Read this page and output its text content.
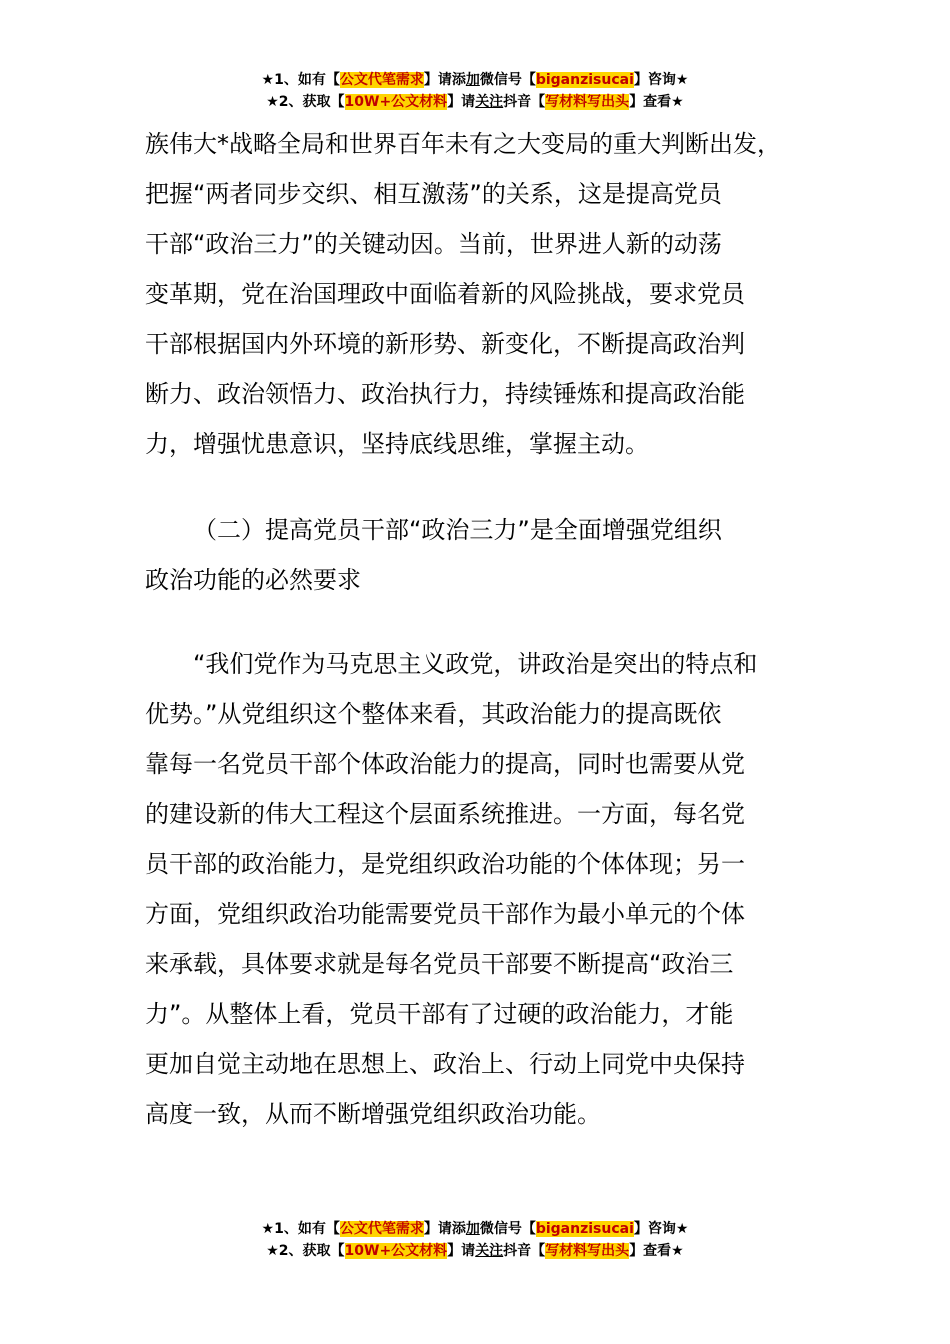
★1、如有【公文代笔需求】请添加微信号【biganzisucai】咨询★
★2、获取【10W+公文材料】请关注抖音【写材料写出头】查看★

族伟大*战略全局和世界百年未有之大变局的重大判断出发，

把握“两者同步交织、相互激荡”的关系，这是提高党员

干部“政治三力”的关键动因。当前，世界进人新的动荡

变革期，党在治国理政中面临着新的风险挑战，要求党员

干部根据国内外环境的新形势、新变化，不断提高政治判

断力、政治领悟力、政治执行力，持续锤炼和提高政治能

力，增强忧患意识，坚持底线思维，掌握主动。

（二）提高党员干部“政治三力”是全面增强党组织

政治功能的必然要求

“我们党作为马克思主义政党，讲政治是突出的特点和

优势。”从党组织这个整体来看，其政治能力的提高既依

靠每一名党员干部个体政治能力的提高，同时也需要从党

的建设新的伟大工程这个层面系统推进。一方面，每名党

员干部的政治能力，是党组织政治功能的个体体现；另一

方面，党组织政治功能需要党员干部作为最小单元的个体

来承载，具体要求就是每名党员干部要不断提高“政治三

力”。从整体上看，党员干部有了过硬的政治能力，才能

更加自觉主动地在思想上、政治上、行动上同党中央保持

高度一致，从而不断增强党组织政治功能。

★1、如有【公文代笔需求】请添加微信号【biganzisucai】咨询★
★2、获取【10W+公文材料】请关注抖音【写材料写出头】查看★
